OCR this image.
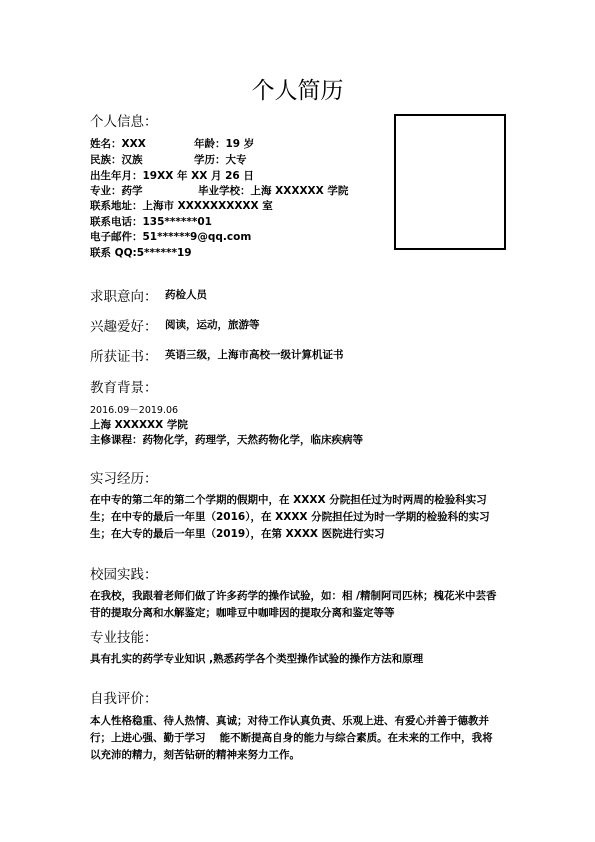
个人简历
个人信息：
姓名：XXX	年龄：19 岁
民族：汉族	学历：大专
出生年月：19XX 年 XX 月 26 日
专业：药学	毕业学校：上海 XXXXXX 学院
联系地址：上海市 XXXXXXXXXX 室
联系电话：135******01
电子邮件：51******9@qq.com
联系 QQ:5******19
求职意向： 药检人员
兴趣爱好： 阅读，运动，旅游等
所获证书： 英语三级，上海市高校一级计算机证书
教育背景：
2016.09－2019.06
上海 XXXXXX 学院
主修课程：药物化学，药理学，天然药物化学，临床疾病等
实习经历：
在中专的第二年的第二个学期的假期中，在 XXXX 分院担任过为时两周的检验科实习生；在中专的最后一年里（2016），在 XXXX 分院担任过为时一学期的检验科的实习生；在大专的最后一年里（2019），在第 XXXX 医院进行实习
校园实践：
在我校，我跟着老师们做了许多药学的操作试验，如：相 /精制阿司匹林；槐花米中芸香苷的提取分离和水解鉴定；咖啡豆中咖啡因的提取分离和鉴定等等
专业技能：
具有扎实的药学专业知识 ,熟悉药学各个类型操作试验的操作方法和原理
自我评价：
本人性格稳重、待人热情、真诚；对待工作认真负责、乐观上进、有爱心并善于德教并行；上进心强、勤于学习　 能不断提高自身的能力与综合素质。在未来的工作中，我将以充沛的精力，刻苦钻研的精神来努力工作。
